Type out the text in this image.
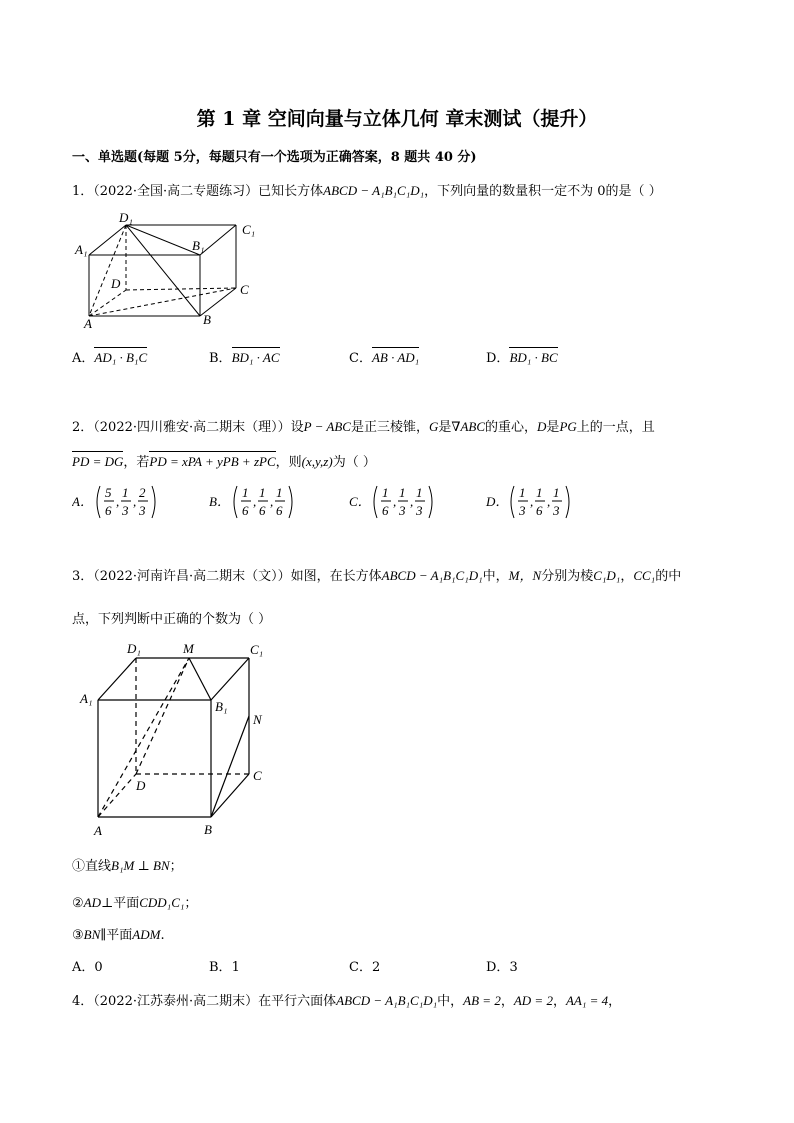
第 1 章 空间向量与立体几何 章末测试（提升）
一、单选题(每题 5分，每题只有一个选项为正确答案，8 题共 40 分)
1．（2022·全国·高二专题练习）已知长方体ABCD − A₁B₁C₁D₁，下列向量的数量积一定不为 0的是（ ）
D₁
C₁
A₁	B₁
D	C
A	B
A．AD₁ · B₁C	B．BD₁ · AC	C．AB · AD₁	D．BD₁ · BC
2．（2022·四川雅安·高二期末（理））设P − ABC是正三棱锥，G是∇ABC的重心，D是PG上的一点，且
PD = DG，若PD = xPA + yPB + zPC，则(x,y,z)为（ ）
A．
5
6
,
1
3
,
2
3
B．
1
6
,
1
6
,
1
6
C．
1
6
,
1
3
,
1
3
D．
1
3
,
1
6
,
1
3
3．（2022·河南许昌·高二期末（文））如图，在长方体ABCD − A₁B₁C₁D₁中，M，N分别为棱C₁D₁，CC₁的中
点，下列判断中正确的个数为（ ）
D₁	M	C₁
A₁
B₁
N
D
C
A	B
①直线B₁M ⊥ BN；
②AD⊥平面CDD₁C₁；
③BN∥平面ADM.
A．0	B．1	C．2	D．3
4．（2022·江苏泰州·高二期末）在平行六面体ABCD − A₁B₁C₁D₁中，AB = 2，AD = 2，AA₁ = 4，
